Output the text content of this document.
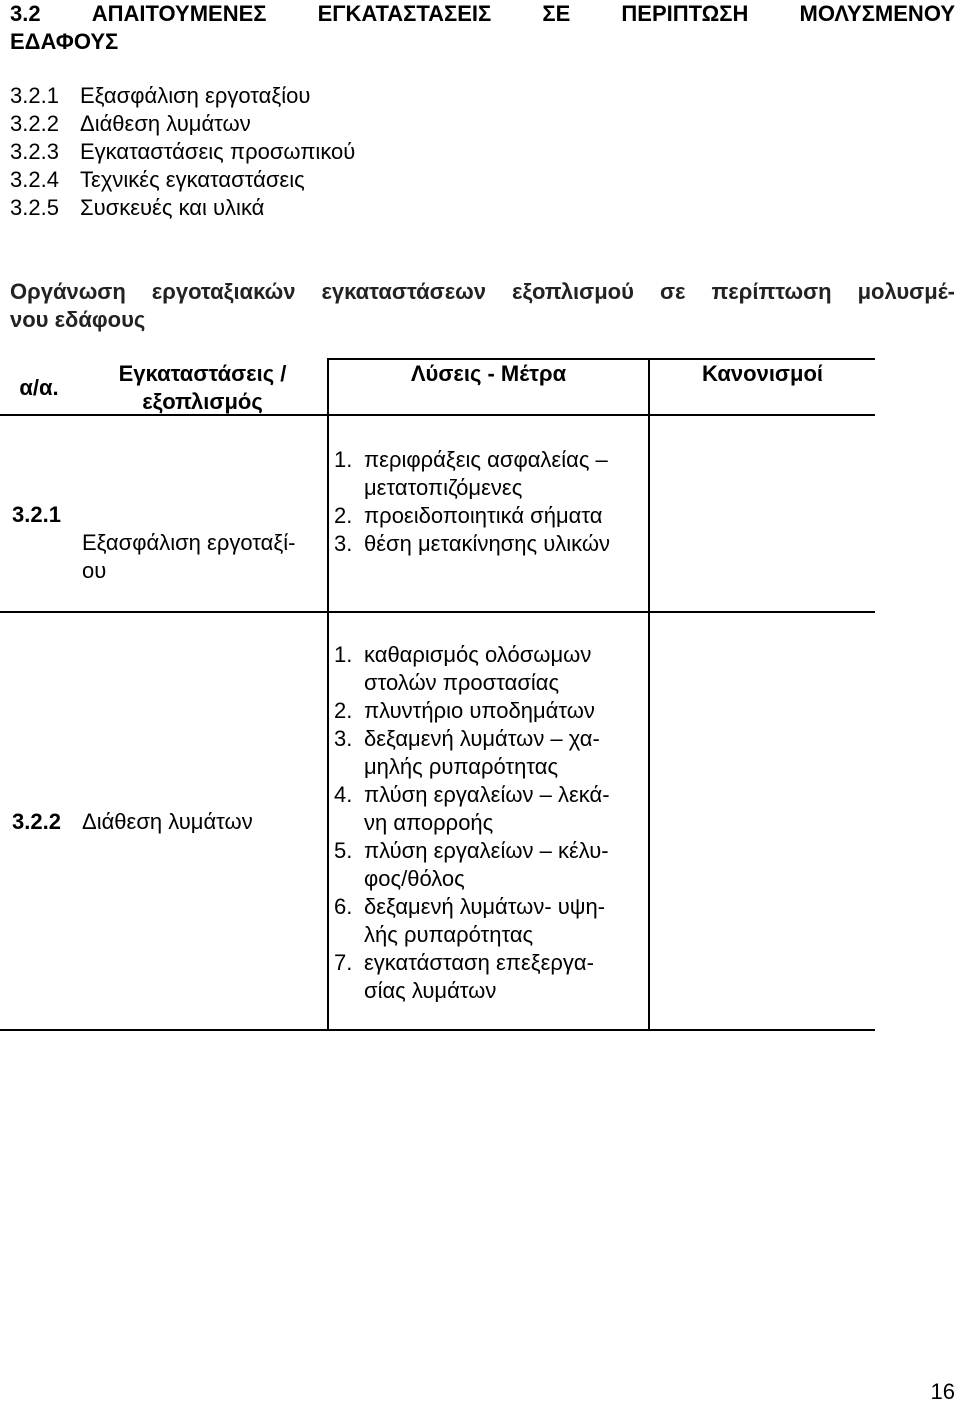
3.2 ΑΠΑΙΤΟΥΜΕΝΕΣ ΕΓΚΑΤΑΣΤΑΣΕΙΣ ΣΕ ΠΕΡΙΠΤΩΣΗ ΜΟΛΥΣΜΕΝΟΥ
ΕΔΑΦΟΥΣ
3.2.1 Εξασφάλιση εργοταξίου
3.2.2 Διάθεση λυμάτων
3.2.3 Εγκαταστάσεις προσωπικού
3.2.4 Τεχνικές εγκαταστάσεις
3.2.5 Συσκευές και υλικά
Οργάνωση εργοταξιακών εγκαταστάσεων εξοπλισμού σε περίπτωση μολυσμέ-
νου εδάφους
α/α.
Εγκαταστάσεις /
εξοπλισμός
Λύσεις - Μέτρα	Κανονισμοί
3.2.1
Εξασφάλιση εργοταξί-
ου
1. περιφράξεις ασφαλείας –
μετατοπιζόμενες
2. προειδοποιητικά σήματα
3. θέση μετακίνησης υλικών
3.2.2 Διάθεση λυμάτων
1. καθαρισμός ολόσωμων
στολών προστασίας
2. πλυντήριο υποδημάτων
3. δεξαμενή λυμάτων – χα-
μηλής ρυπαρότητας
4. πλύση εργαλείων – λεκά-
νη απορροής
5. πλύση εργαλείων – κέλυ-
φος/θόλος
6. δεξαμενή λυμάτων- υψη-
λής ρυπαρότητας
7. εγκατάσταση επεξεργα-
σίας λυμάτων
16
